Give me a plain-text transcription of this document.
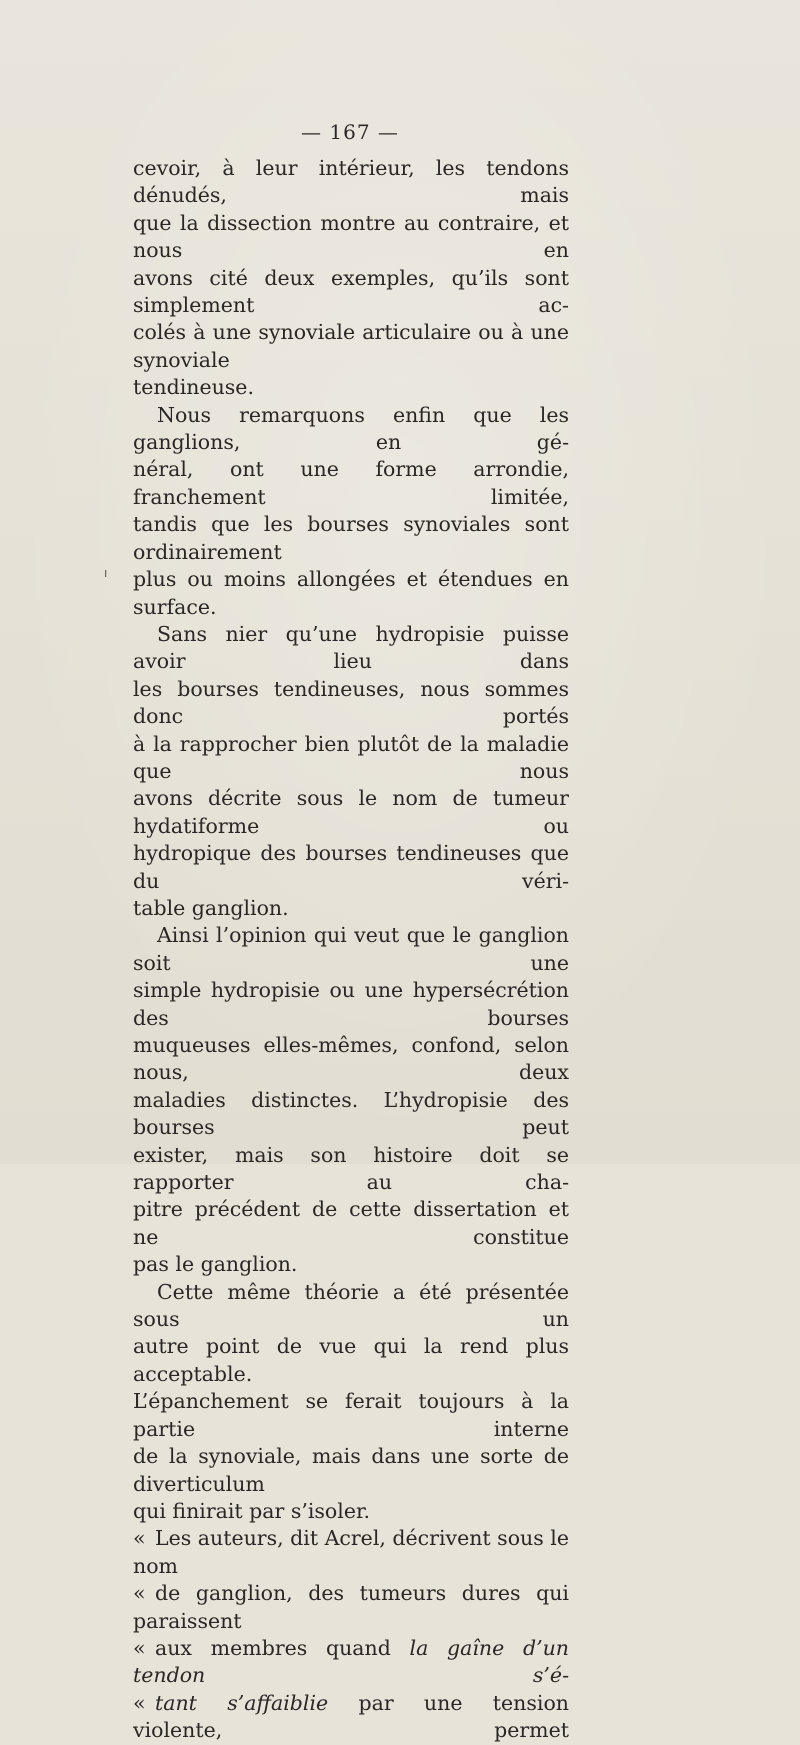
— 167 —

cevoir, à leur intérieur, les tendons dénudés, mais

que la dissection montre au contraire, et nous en

avons cité deux exemples, qu’ils sont simplement ac-

colés à une synoviale articulaire ou à une synoviale

tendineuse.

Nous remarquons enfin que les ganglions, en gé-

néral, ont une forme arrondie, franchement limitée,

tandis que les bourses synoviales sont ordinairement

plus ou moins allongées et étendues en surface.

Sans nier qu’une hydropisie puisse avoir lieu dans

les bourses tendineuses, nous sommes donc portés

à la rapprocher bien plutôt de la maladie que nous

avons décrite sous le nom de tumeur hydatiforme ou

hydropique des bourses tendineuses que du véri-

table ganglion.

Ainsi l’opinion qui veut que le ganglion soit une

simple hydropisie ou une hypersécrétion des bourses

muqueuses elles-mêmes, confond, selon nous, deux

maladies distinctes. L’hydropisie des bourses peut

exister, mais son histoire doit se rapporter au cha-

pitre précédent de cette dissertation et ne constitue

pas le ganglion.

Cette même théorie a été présentée sous un

autre point de vue qui la rend plus acceptable.

L’épanchement se ferait toujours à la partie interne

de la synoviale, mais dans une sorte de diverticulum

qui finirait par s’isoler.

« Les auteurs, dit Acrel, décrivent sous le nom

« de ganglion, des tumeurs dures qui paraissent

« aux membres quand la gaîne d’un tendon s’é-

« tant s’affaiblie par une tension violente, permet

ı
